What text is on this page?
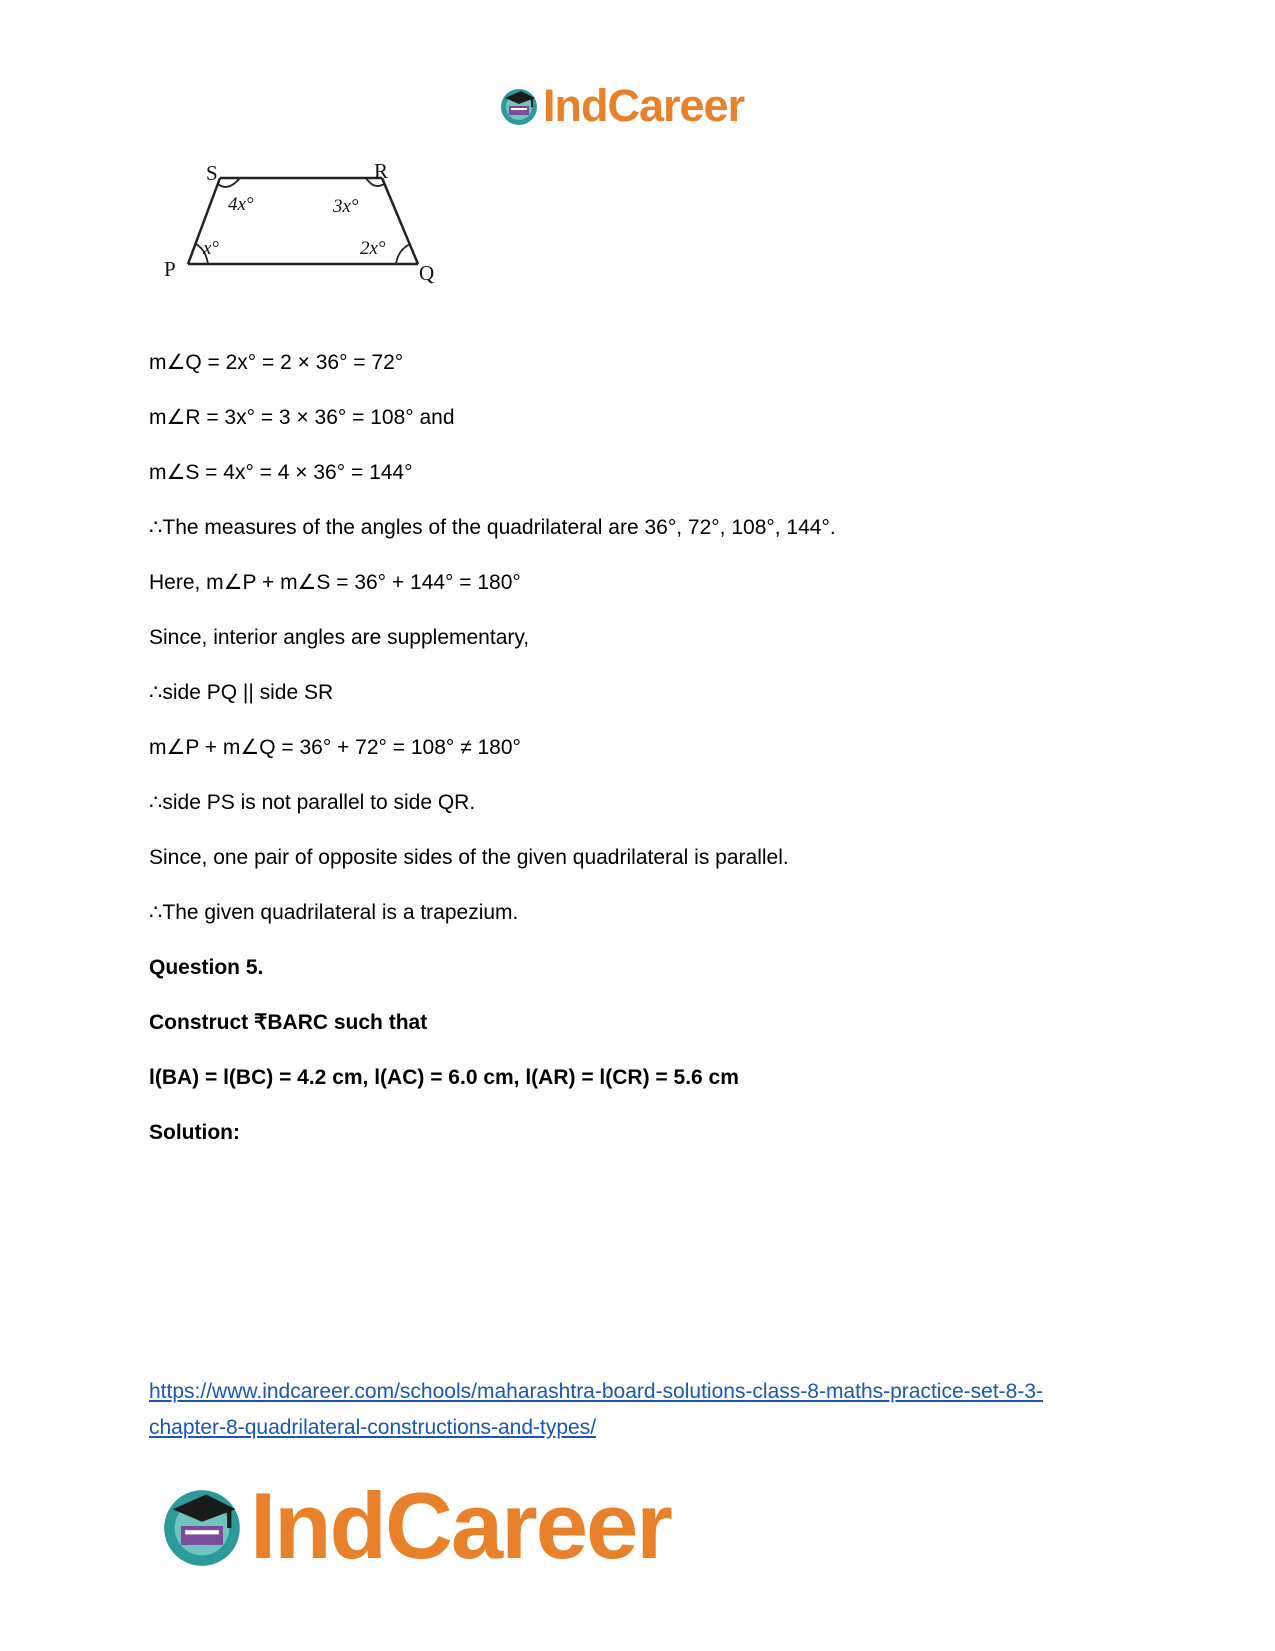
IndCareer
S	R
P	Q
4x°	3x°
x°	2x°
m∠Q = 2x° = 2 × 36° = 72°
m∠R = 3x° = 3 × 36° = 108° and
m∠S = 4x° = 4 × 36° = 144°
∴The measures of the angles of the quadrilateral are 36°, 72°, 108°, 144°.
Here, m∠P + m∠S = 36° + 144° = 180°
Since, interior angles are supplementary,
∴side PQ || side SR
m∠P + m∠Q = 36° + 72° = 108° ≠ 180°
∴side PS is not parallel to side QR.
Since, one pair of opposite sides of the given quadrilateral is parallel.
∴The given quadrilateral is a trapezium.
Question 5.
Construct ₹BARC such that
l(BA) = l(BC) = 4.2 cm, l(AC) = 6.0 cm, l(AR) = l(CR) = 5.6 cm
Solution:
https://www.indcareer.com/schools/maharashtra-board-solutions-class-8-maths-practice-set-8-3-
chapter-8-quadrilateral-constructions-and-types/
IndCareer
